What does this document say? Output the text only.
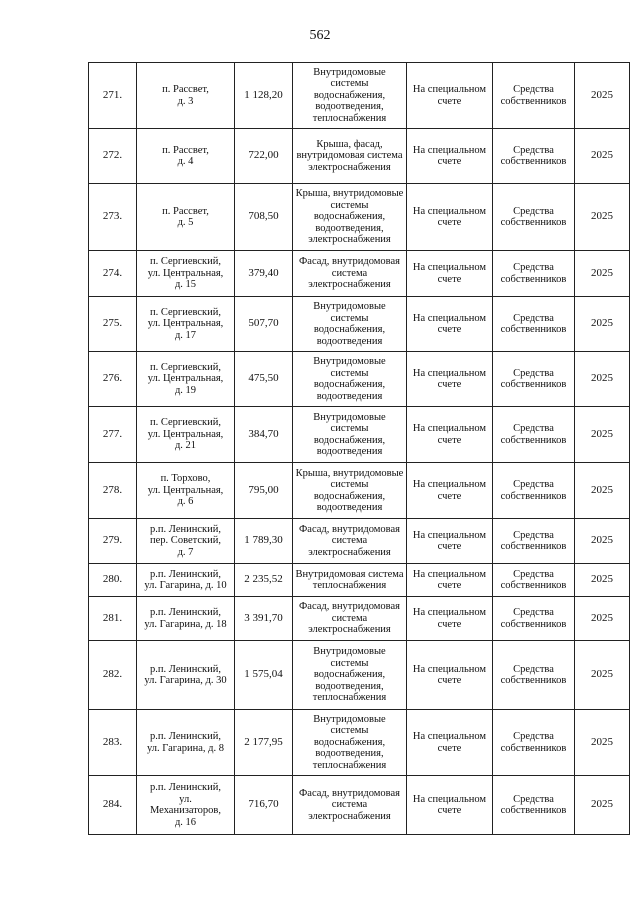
562
271.	п. Рассвет,
д. 3	1 128,20	Внутридомовые
системы
водоснабжения,
водоотведения,
теплоснабжения	На специальном
счете	Средства
собственников	2025
272.	п. Рассвет,
д. 4	722,00	Крыша, фасад,
внутридомовая система
электроснабжения	На специальном
счете	Средства
собственников	2025
273.	п. Рассвет,
д. 5	708,50	Крыша, внутридомовые
системы
водоснабжения,
водоотведения,
электроснабжения	На специальном
счете	Средства
собственников	2025
274.	п. Сергиевский,
ул. Центральная,
д. 15	379,40	Фасад, внутридомовая
система
электроснабжения	На специальном
счете	Средства
собственников	2025
275.	п. Сергиевский,
ул. Центральная,
д. 17	507,70	Внутридомовые
системы
водоснабжения,
водоотведения	На специальном
счете	Средства
собственников	2025
276.	п. Сергиевский,
ул. Центральная,
д. 19	475,50	Внутридомовые
системы
водоснабжения,
водоотведения	На специальном
счете	Средства
собственников	2025
277.	п. Сергиевский,
ул. Центральная,
д. 21	384,70	Внутридомовые
системы
водоснабжения,
водоотведения	На специальном
счете	Средства
собственников	2025
278.	п. Торхово,
ул. Центральная,
д. 6	795,00	Крыша, внутридомовые
системы
водоснабжения,
водоотведения	На специальном
счете	Средства
собственников	2025
279.	р.п. Ленинский,
пер. Советский,
д. 7	1 789,30	Фасад, внутридомовая
система
электроснабжения	На специальном
счете	Средства
собственников	2025
280.	р.п. Ленинский,
ул. Гагарина, д. 10	2 235,52	Внутридомовая система
теплоснабжения	На специальном
счете	Средства
собственников	2025
281.	р.п. Ленинский,
ул. Гагарина, д. 18	3 391,70	Фасад, внутридомовая
система
электроснабжения	На специальном
счете	Средства
собственников	2025
282.	р.п. Ленинский,
ул. Гагарина, д. 30	1 575,04	Внутридомовые
системы
водоснабжения,
водоотведения,
теплоснабжения	На специальном
счете	Средства
собственников	2025
283.	р.п. Ленинский,
ул. Гагарина, д. 8	2 177,95	Внутридомовые
системы
водоснабжения,
водоотведения,
теплоснабжения	На специальном
счете	Средства
собственников	2025
284.	р.п. Ленинский,
ул.
Механизаторов,
д. 16	716,70	Фасад, внутридомовая
система
электроснабжения	На специальном
счете	Средства
собственников	2025
